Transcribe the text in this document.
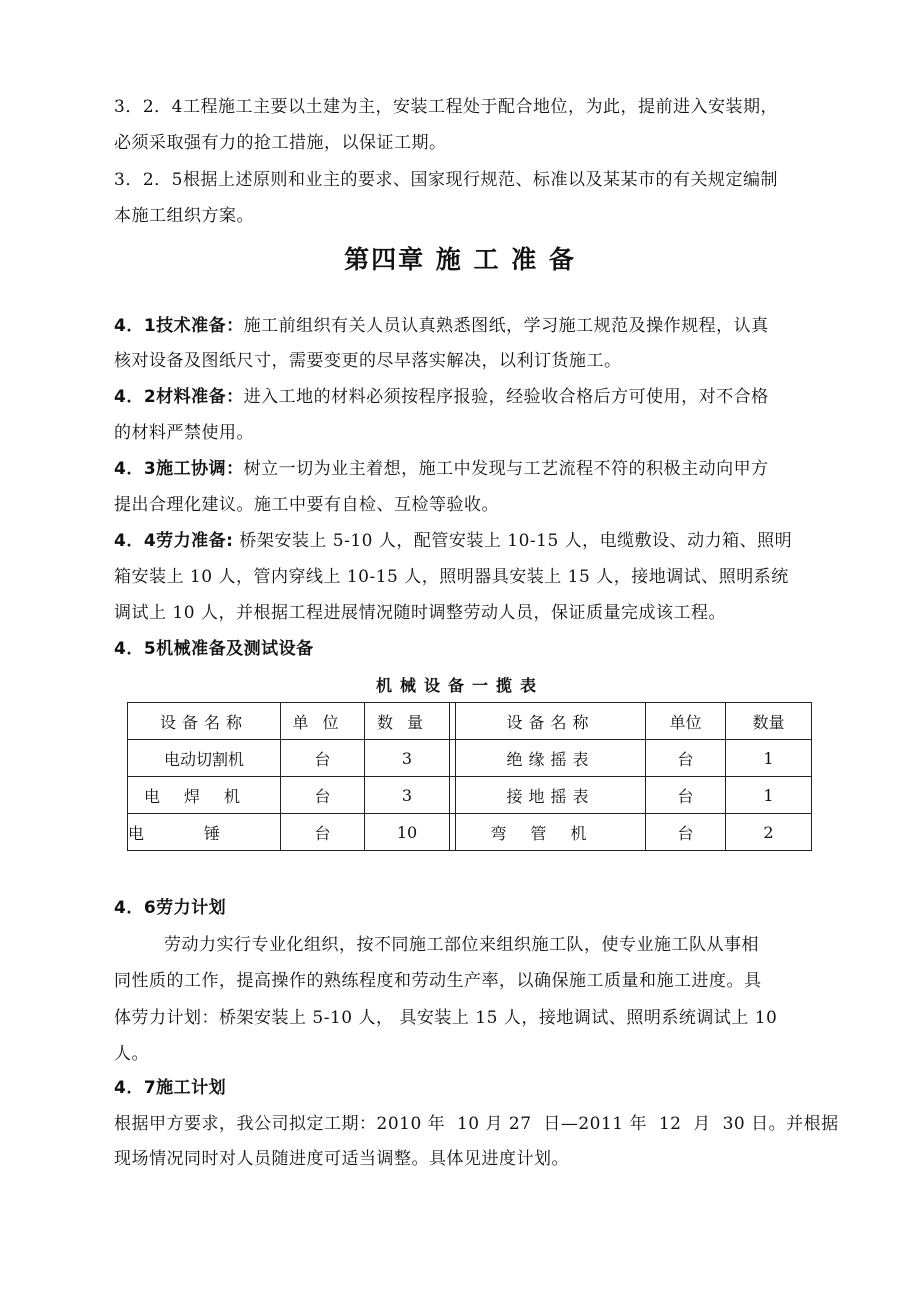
3．2．4工程施工主要以土建为主，安装工程处于配合地位，为此，提前进入安装期，
必须采取强有力的抢工措施，以保证工期。
3．2．5根据上述原则和业主的要求、国家现行规范、标准以及某某市的有关规定编制
本施工组织方案。
第四章 施 工 准 备
4．1技术准备：施工前组织有关人员认真熟悉图纸，学习施工规范及操作规程，认真
核对设备及图纸尺寸，需要变更的尽早落实解决，以利订货施工。
4．2材料准备：进入工地的材料必须按程序报验，经验收合格后方可使用，对不合格
的材料严禁使用。
4．3施工协调：树立一切为业主着想，施工中发现与工艺流程不符的积极主动向甲方
提出合理化建议。施工中要有自检、互检等验收。
4．4劳力准备: 桥架安装上 5-10 人，配管安装上 10-15 人，电缆敷设、动力箱、照明
箱安装上 10 人，管内穿线上 10-15 人，照明器具安装上 15 人，接地调试、照明系统
调试上 10 人，并根据工程进展情况随时调整劳动人员，保证质量完成该工程。
4．5机械准备及测试设备
机械设备一揽表
设备名称	单位	数量		设备名称	单位	数量
电动切割机	台	3		绝缘摇表	台	1
电焊机	台	3		接地摇表	台	1
电锤	台	10		弯管机	台	2
4．6劳力计划
劳动力实行专业化组织，按不同施工部位来组织施工队，使专业施工队从事相
同性质的工作，提高操作的熟练程度和劳动生产率，以确保施工质量和施工进度。具
体劳力计划：桥架安装上 5-10 人， 具安装上 15 人，接地调试、照明系统调试上 10
人。
4．7施工计划
根据甲方要求，我公司拟定工期：2010 年  10 月 27  日—2011 年  12  月  30 日。并根据
现场情况同时对人员随进度可适当调整。具体见进度计划。
